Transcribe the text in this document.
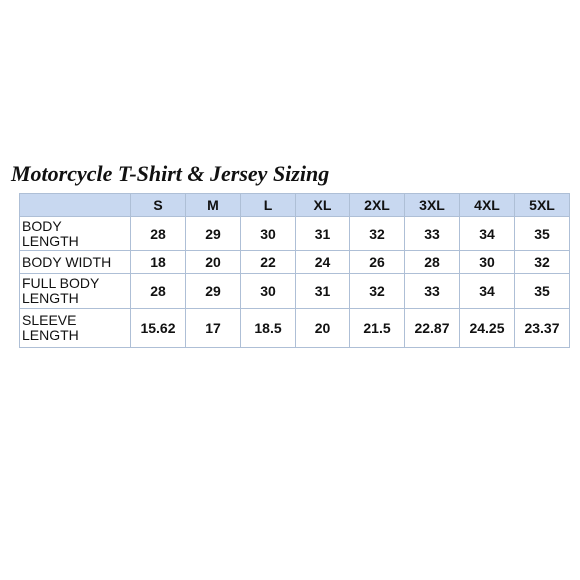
Motorcycle T-Shirt & Jersey Sizing
	S	M	L	XL	2XL	3XL	4XL	5XL
BODY
LENGTH	28	29	30	31	32	33	34	35
BODY WIDTH	18	20	22	24	26	28	30	32
FULL BODY
LENGTH	28	29	30	31	32	33	34	35
SLEEVE
LENGTH	15.62	17	18.5	20	21.5	22.87	24.25	23.37
